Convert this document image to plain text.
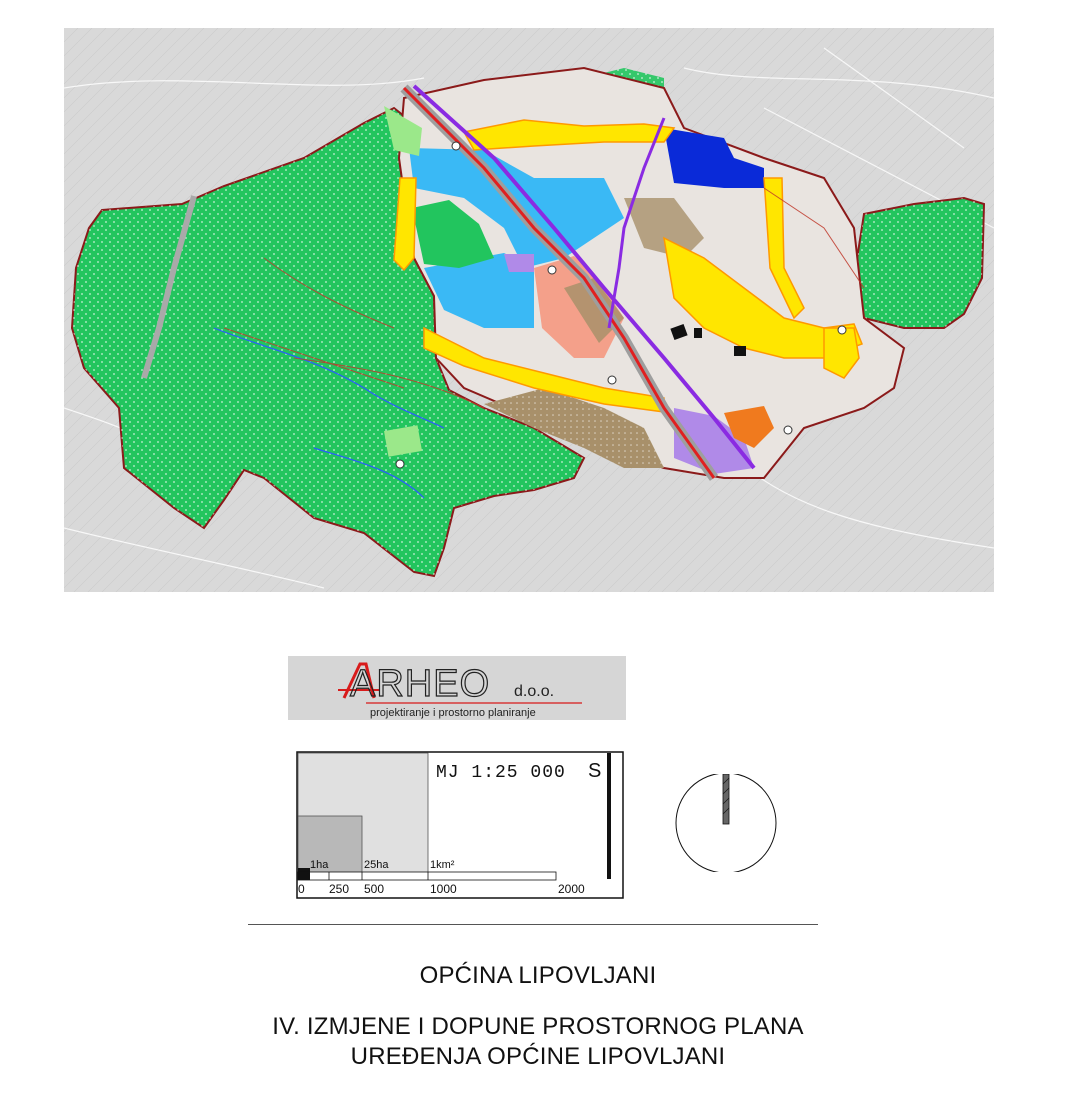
ARHEO d.o.o.
projektiranje i prostorno planiranje
MJ 1:25 000 S
1ha	25ha	1km²
0 250 500	1000	2000
OPĆINA LIPOVLJANI
IV. IZMJENE I DOPUNE PROSTORNOG PLANA
UREĐENJA OPĆINE LIPOVLJANI
